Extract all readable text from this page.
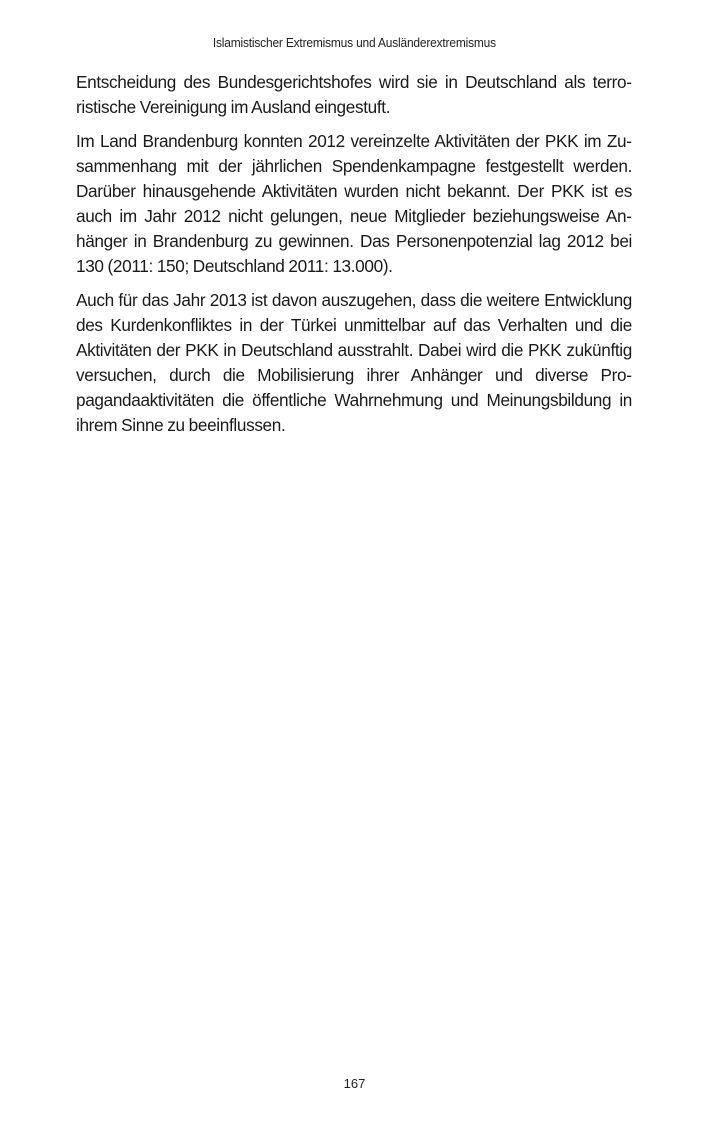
Islamistischer Extremismus und Ausländerextremismus

Entscheidung des Bundesgerichtshofes wird sie in Deutschland als terroristische Vereinigung im Ausland eingestuft.

Im Land Brandenburg konnten 2012 vereinzelte Aktivitäten der PKK im Zusammenhang mit der jährlichen Spendenkampagne festgestellt werden. Darüber hinausgehende Aktivitäten wurden nicht bekannt. Der PKK ist es auch im Jahr 2012 nicht gelungen, neue Mitglieder beziehungsweise Anhänger in Brandenburg zu gewinnen. Das Personenpotenzial lag 2012 bei 130 (2011: 150; Deutschland 2011: 13.000).

Auch für das Jahr 2013 ist davon auszugehen, dass die weitere Entwicklung des Kurdenkonfliktes in der Türkei unmittelbar auf das Verhalten und die Aktivitäten der PKK in Deutschland ausstrahlt. Dabei wird die PKK zukünftig versuchen, durch die Mobilisierung ihrer Anhänger und diverse Propagandaaktivitäten die öffentliche Wahrnehmung und Meinungsbildung in ihrem Sinne zu beeinflussen.

167
